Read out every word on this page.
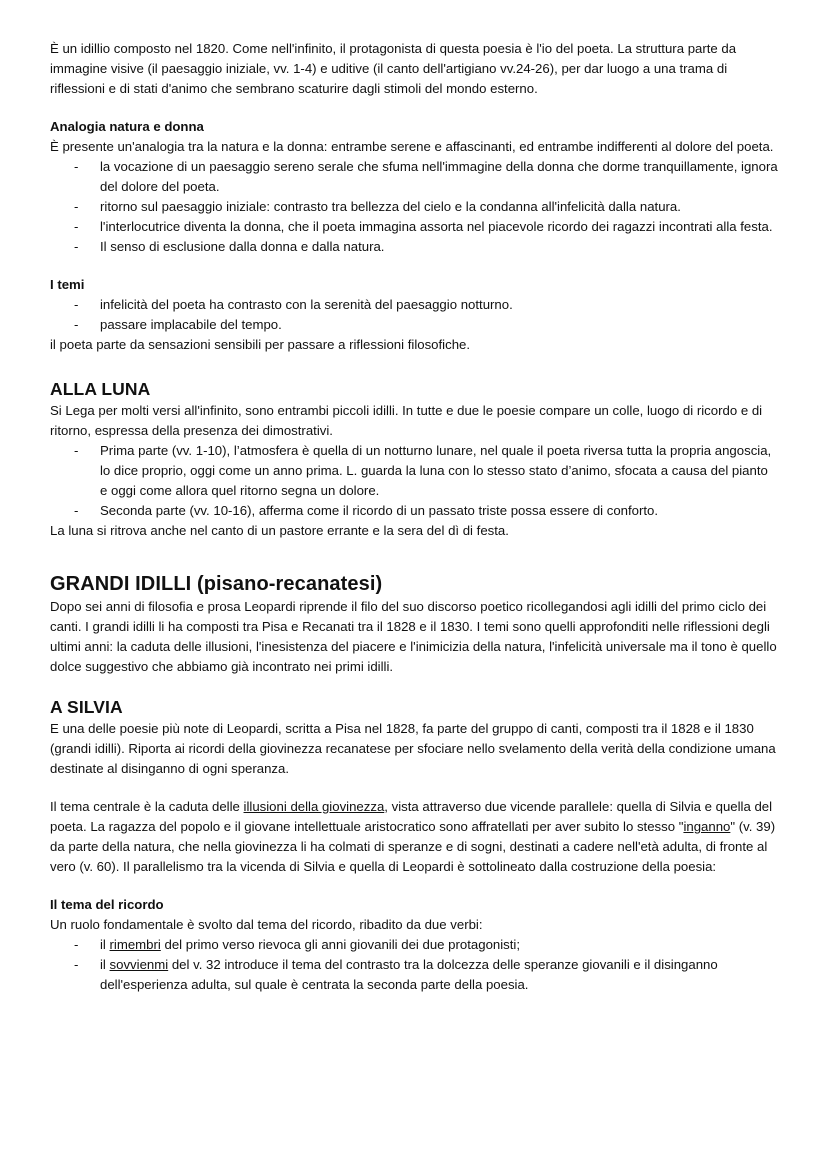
È un idillio composto nel 1820. Come nell'infinito, il protagonista di questa poesia è l'io del poeta. La struttura parte da immagine visive (il paesaggio iniziale, vv. 1-4) e uditive (il canto dell'artigiano vv.24-26), per dar luogo a una trama di riflessioni e di stati d'animo che sembrano scaturire dagli stimoli del mondo esterno.

Analogia natura e donna

È presente un'analogia tra la natura e la donna: entrambe serene e affascinanti, ed entrambe indifferenti al dolore del poeta.

- la vocazione di un paesaggio sereno serale che sfuma nell'immagine della donna che dorme tranquillamente, ignora del dolore del poeta.
- ritorno sul paesaggio iniziale: contrasto tra bellezza del cielo e la condanna all'infelicità dalla natura.
- l'interlocutrice diventa la donna, che il poeta immagina assorta nel piacevole ricordo dei ragazzi incontrati alla festa.
- Il senso di esclusione dalla donna e dalla natura.

I temi

- infelicità del poeta ha contrasto con la serenità del paesaggio notturno.
- passare implacabile del tempo.

il poeta parte da sensazioni sensibili per passare a riflessioni filosofiche.

ALLA LUNA

Si Lega per molti versi all'infinito, sono entrambi piccoli idilli. In tutte e due le poesie compare un colle, luogo di ricordo e di ritorno, espressa della presenza dei dimostrativi.

- Prima parte (vv. 1-10), l’atmosfera è quella di un notturno lunare, nel quale il poeta riversa tutta la propria angoscia, lo dice proprio, oggi come un anno prima. L. guarda la luna con lo stesso stato d’animo, sfocata a causa del pianto e oggi come allora quel ritorno segna un dolore.
- Seconda parte (vv. 10-16), afferma come il ricordo di un passato triste possa essere di conforto.

La luna si ritrova anche nel canto di un pastore errante e la sera del dì di festa.

GRANDI IDILLI (pisano-recanatesi)

Dopo sei anni di filosofia e prosa Leopardi riprende il filo del suo discorso poetico ricollegandosi agli idilli del primo ciclo dei canti. I grandi idilli li ha composti tra Pisa e Recanati tra il 1828 e il 1830. I temi sono quelli approfonditi nelle riflessioni degli ultimi anni: la caduta delle illusioni, l'inesistenza del piacere e l'inimicizia della natura, l'infelicità universale ma il tono è quello dolce suggestivo che abbiamo già incontrato nei primi idilli.

A SILVIA

E una delle poesie più note di Leopardi, scritta a Pisa nel 1828, fa parte del gruppo di canti, composti tra il 1828 e il 1830 (grandi idilli). Riporta ai ricordi della giovinezza recanatese per sfociare nello svelamento della verità della condizione umana destinate al disinganno di ogni speranza.

Il tema centrale è la caduta delle illusioni della giovinezza, vista attraverso due vicende parallele: quella di Silvia e quella del poeta. La ragazza del popolo e il giovane intellettuale aristocratico sono affratellati per aver subito lo stesso "inganno" (v. 39) da parte della natura, che nella giovinezza li ha colmati di speranze e di sogni, destinati a cadere nell'età adulta, di fronte al vero (v. 60). Il parallelismo tra la vicenda di Silvia e quella di Leopardi è sottolineato dalla costruzione della poesia:

Il tema del ricordo

Un ruolo fondamentale è svolto dal tema del ricordo, ribadito da due verbi:

- il rimembri del primo verso rievoca gli anni giovanili dei due protagonisti;
- il sovvienmi del v. 32 introduce il tema del contrasto tra la dolcezza delle speranze giovanili e il disinganno dell'esperienza adulta, sul quale è centrata la seconda parte della poesia.
